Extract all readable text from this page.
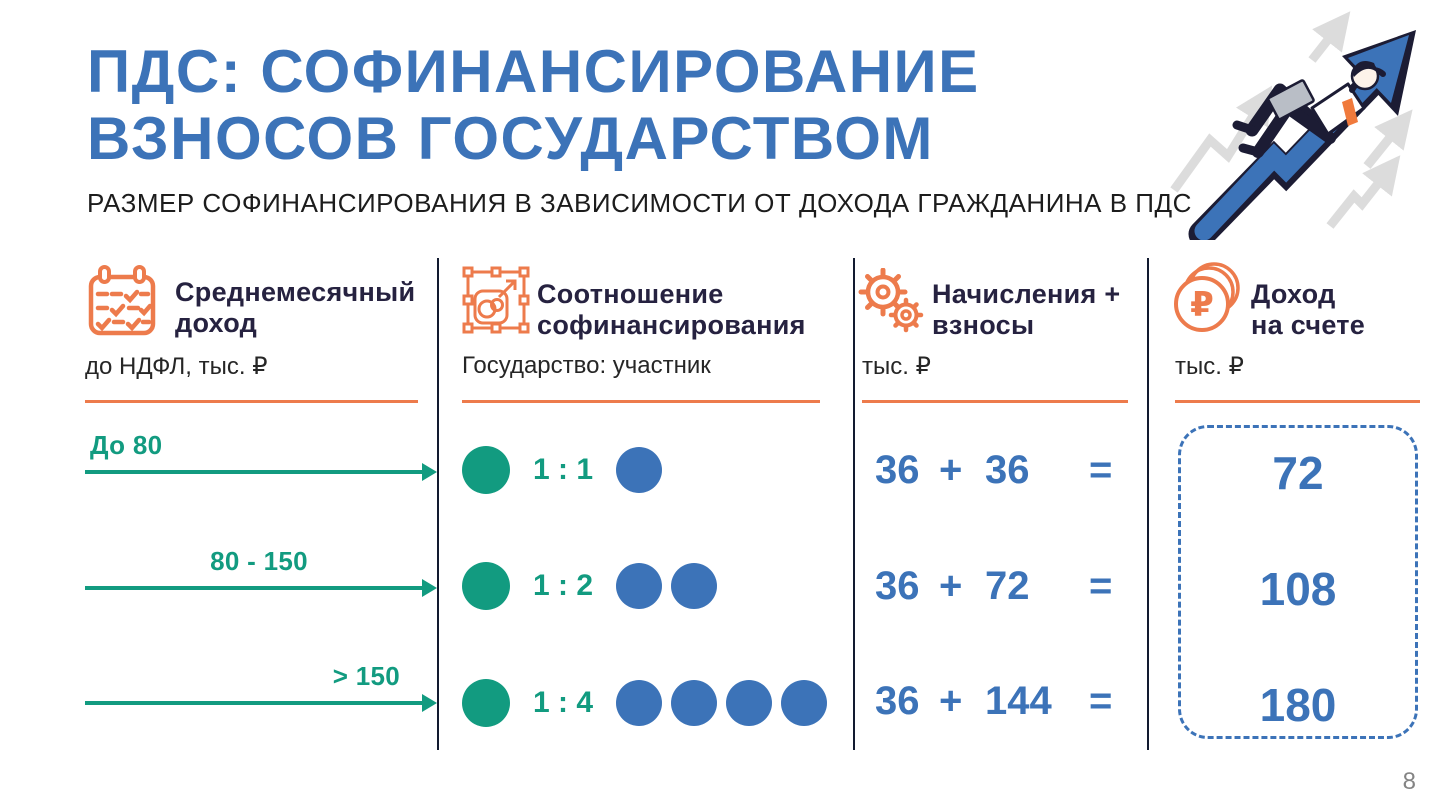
ПДС: СОФИНАНСИРОВАНИЕ
ВЗНОСОВ ГОСУДАРСТВОМ
РАЗМЕР СОФИНАНСИРОВАНИЯ В ЗАВИСИМОСТИ ОТ ДОХОДА ГРАЖДАНИНА В ПДС
Среднемесячный
доход
до НДФЛ, тыс. ₽
Соотношение
софинансирования
Государство: участник
Начисления +
взносы
тыс. ₽
₽ Доход
на счете
тыс. ₽
До 80
80 - 150
> 150
1 : 1
1 : 2
1 : 4
36 + 36	=
36 + 72	=
36 + 144 =
72
108
180
8
